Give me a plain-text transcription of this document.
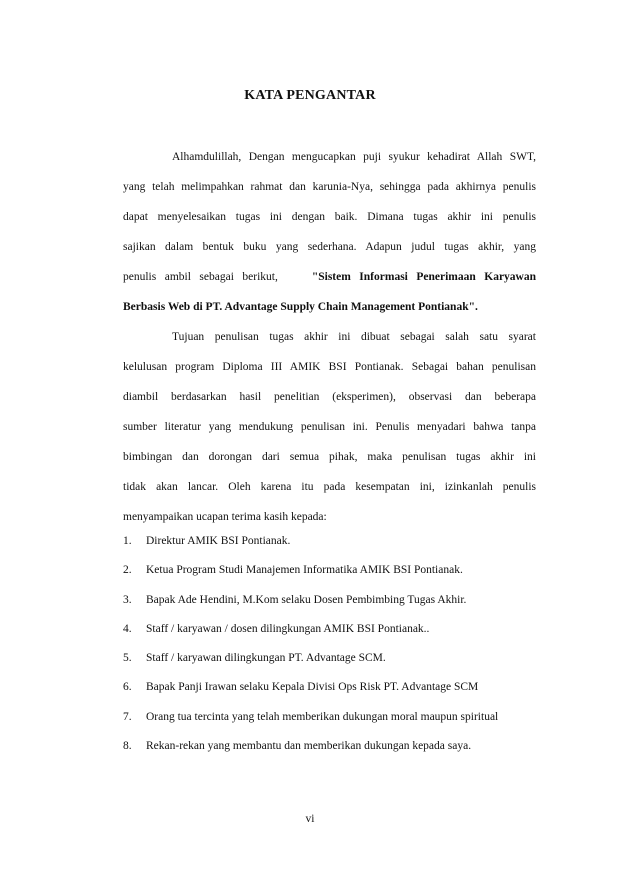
KATA PENGANTAR
Alhamdulillah, Dengan mengucapkan puji syukur kehadirat Allah SWT,
yang telah melimpahkan rahmat dan karunia-Nya, sehingga pada akhirnya penulis
dapat menyelesaikan tugas ini dengan baik. Dimana tugas akhir ini penulis
sajikan dalam bentuk buku yang sederhana. Adapun judul tugas akhir, yang
penulis ambil sebagai berikut,	"Sistem Informasi Penerimaan Karyawan
Berbasis Web di PT. Advantage Supply Chain Management Pontianak".
Tujuan penulisan tugas akhir ini dibuat sebagai salah satu syarat
kelulusan program Diploma III AMIK BSI Pontianak. Sebagai bahan penulisan
diambil berdasarkan hasil penelitian (eksperimen), observasi dan beberapa
sumber literatur yang mendukung penulisan ini. Penulis menyadari bahwa tanpa
bimbingan dan dorongan dari semua pihak, maka penulisan tugas akhir ini
tidak akan lancar. Oleh karena itu pada kesempatan ini, izinkanlah penulis
menyampaikan ucapan terima kasih kepada:
1. Direktur AMIK BSI Pontianak.
2. Ketua Program Studi Manajemen Informatika AMIK BSI Pontianak.
3. Bapak Ade Hendini, M.Kom selaku Dosen Pembimbing Tugas Akhir.
4. Staff / karyawan / dosen dilingkungan AMIK BSI Pontianak..
5. Staff / karyawan dilingkungan PT. Advantage SCM.
6. Bapak Panji Irawan selaku Kepala Divisi Ops Risk PT. Advantage SCM
7. Orang tua tercinta yang telah memberikan dukungan moral maupun spiritual
8. Rekan-rekan yang membantu dan memberikan dukungan kepada saya.
vi
